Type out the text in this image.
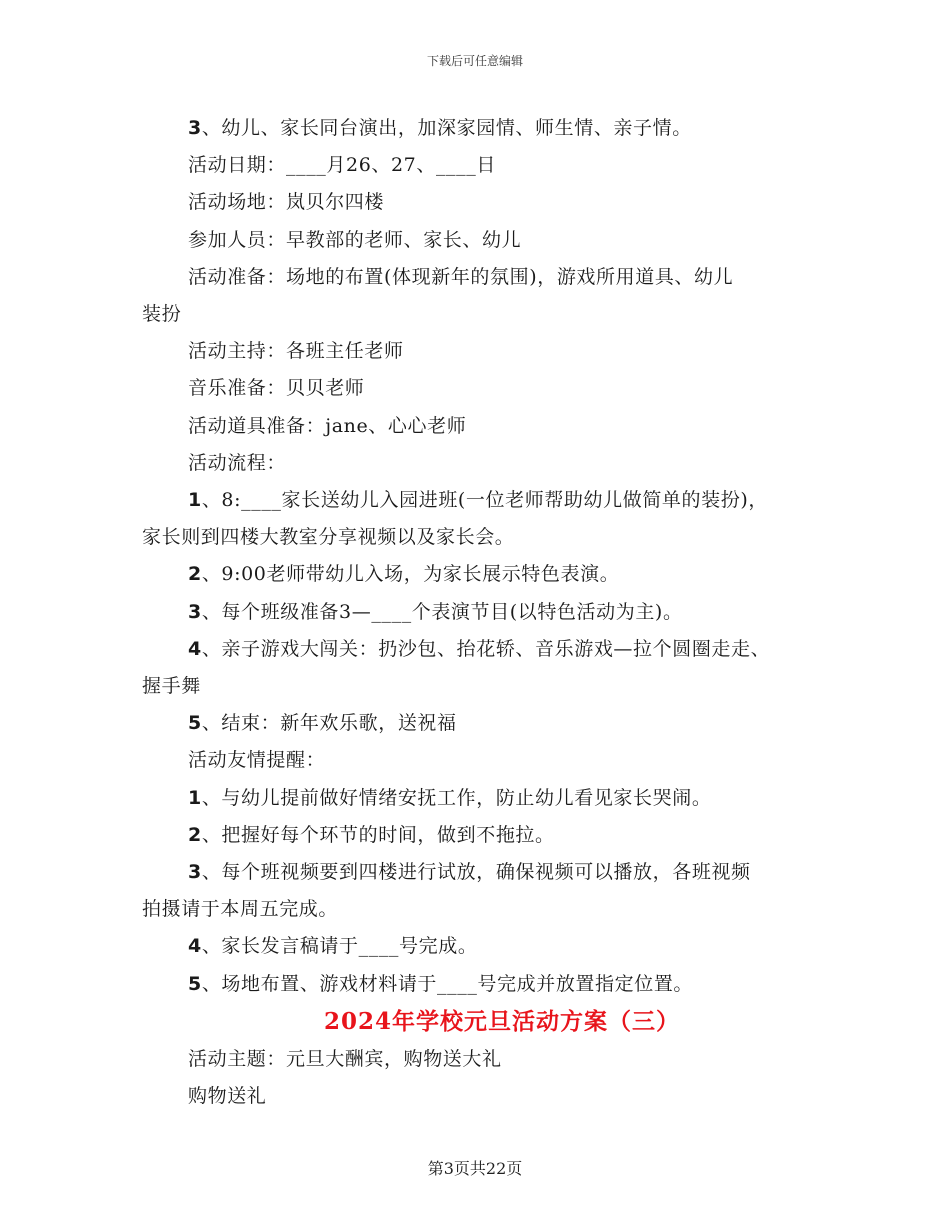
下载后可任意编辑

3、幼儿、家长同台演出，加深家园情、师生情、亲子情。

活动日期：____月26、27、____日

活动场地：岚贝尔四楼

参加人员：早教部的老师、家长、幼儿

活动准备：场地的布置(体现新年的氛围)，游戏所用道具、幼儿

装扮

活动主持：各班主任老师

音乐准备：贝贝老师

活动道具准备：jane、心心老师

活动流程：

1、8:____家长送幼儿入园进班(一位老师帮助幼儿做简单的装扮)，

家长则到四楼大教室分享视频以及家长会。

2、9:00老师带幼儿入场，为家长展示特色表演。

3、每个班级准备3—____个表演节目(以特色活动为主)。

4、亲子游戏大闯关：扔沙包、抬花轿、音乐游戏—拉个圆圈走走、

握手舞

5、结束：新年欢乐歌，送祝福

活动友情提醒：

1、与幼儿提前做好情绪安抚工作，防止幼儿看见家长哭闹。

2、把握好每个环节的时间，做到不拖拉。

3、每个班视频要到四楼进行试放，确保视频可以播放，各班视频

拍摄请于本周五完成。

4、家长发言稿请于____号完成。

5、场地布置、游戏材料请于____号完成并放置指定位置。

2024年学校元旦活动方案（三）

活动主题：元旦大酬宾，购物送大礼

购物送礼

第3页共22页
